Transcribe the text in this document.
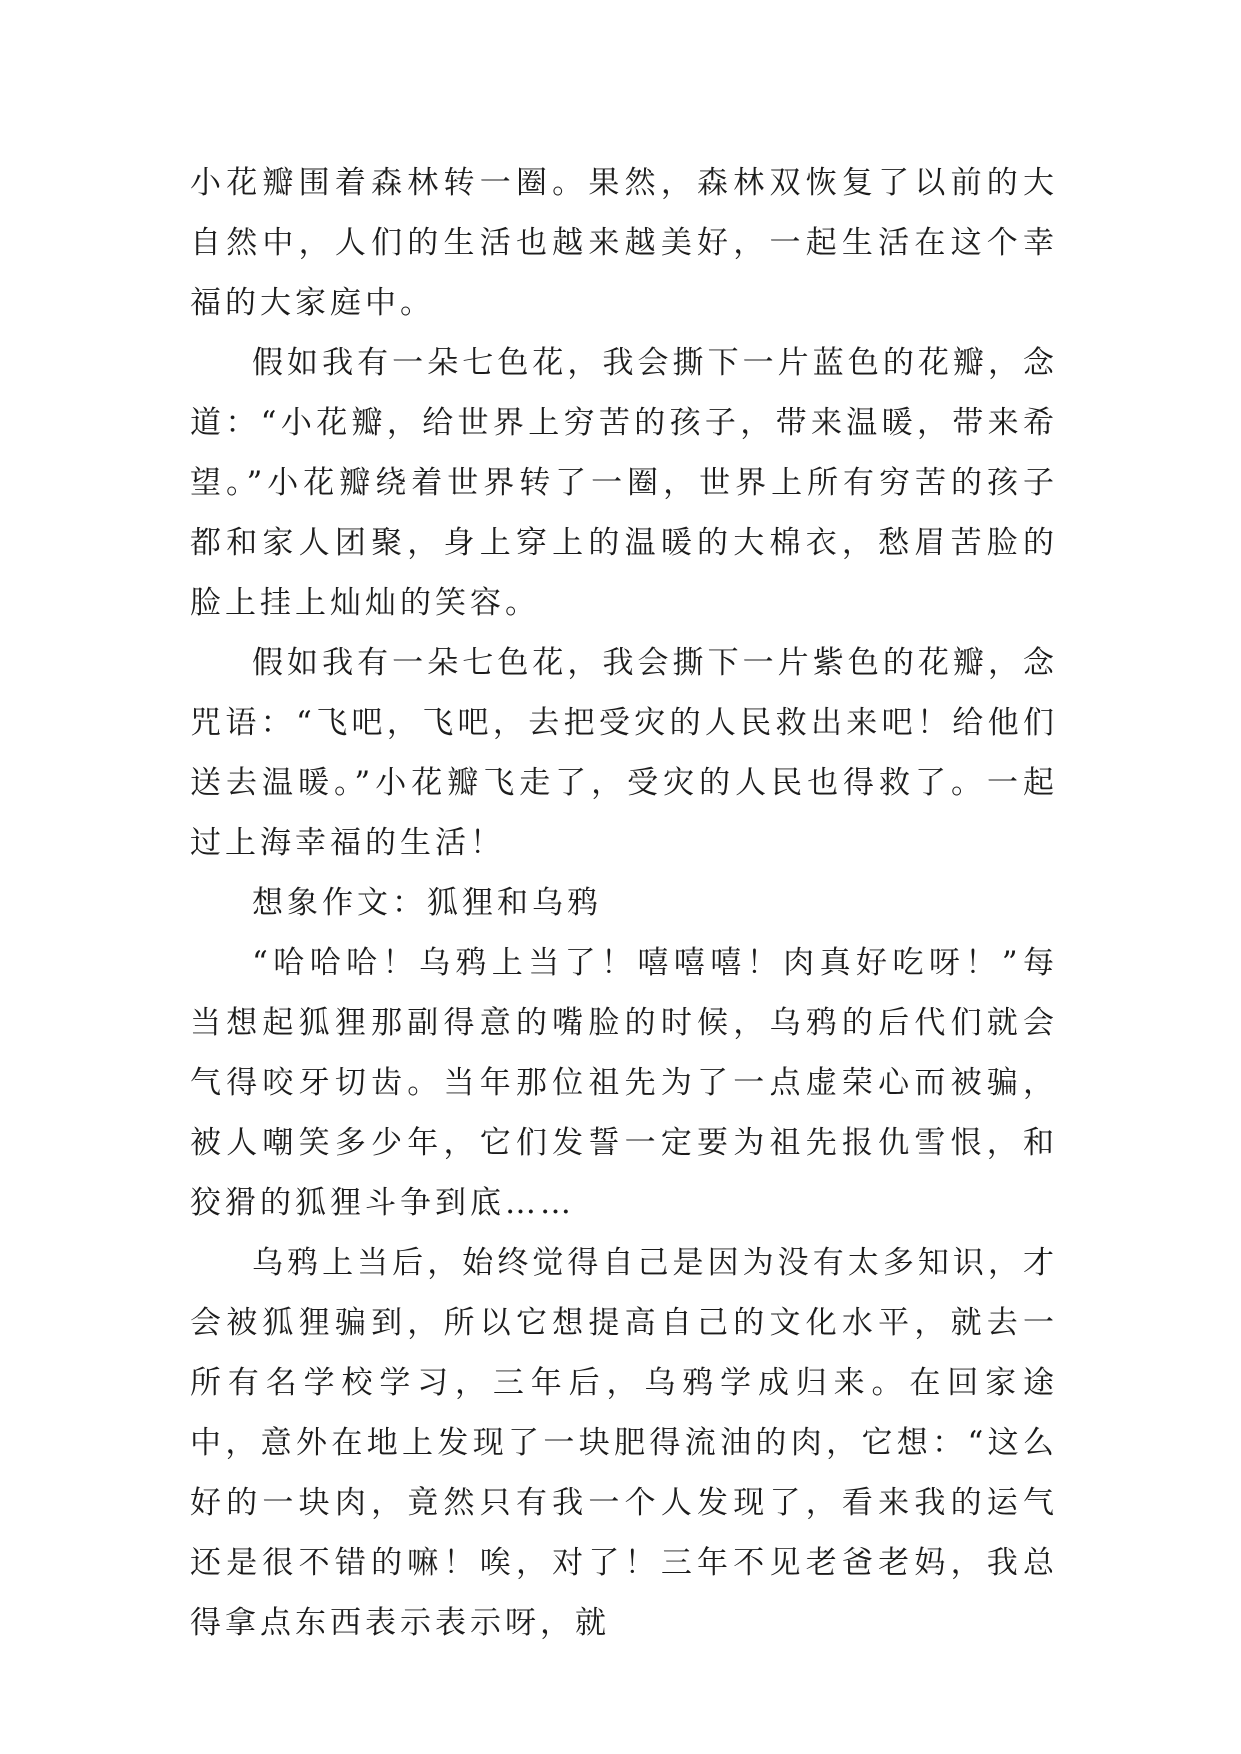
小花瓣围着森林转一圈。果然，森林双恢复了以前的大自然中，人们的生活也越来越美好，一起生活在这个幸福的大家庭中。

假如我有一朵七色花，我会撕下一片蓝色的花瓣，念道：“小花瓣，给世界上穷苦的孩子，带来温暖，带来希望。”小花瓣绕着世界转了一圈，世界上所有穷苦的孩子都和家人团聚，身上穿上的温暖的大棉衣，愁眉苦脸的脸上挂上灿灿的笑容。

假如我有一朵七色花，我会撕下一片紫色的花瓣，念咒语：“飞吧，飞吧，去把受灾的人民救出来吧！给他们送去温暖。”小花瓣飞走了，受灾的人民也得救了。一起过上海幸福的生活！

想象作文：狐狸和乌鸦

“哈哈哈！乌鸦上当了！嘻嘻嘻！肉真好吃呀！”每当想起狐狸那副得意的嘴脸的时候，乌鸦的后代们就会气得咬牙切齿。当年那位祖先为了一点虚荣心而被骗，被人嘲笑多少年，它们发誓一定要为祖先报仇雪恨，和狡猾的狐狸斗争到底……

乌鸦上当后，始终觉得自己是因为没有太多知识，才会被狐狸骗到，所以它想提高自己的文化水平，就去一所有名学校学习，三年后，乌鸦学成归来。在回家途中，意外在地上发现了一块肥得流油的肉，它想：“这么好的一块肉，竟然只有我一个人发现了，看来我的运气还是很不错的嘛！唉，对了！三年不见老爸老妈，我总得拿点东西表示表示呀，就
